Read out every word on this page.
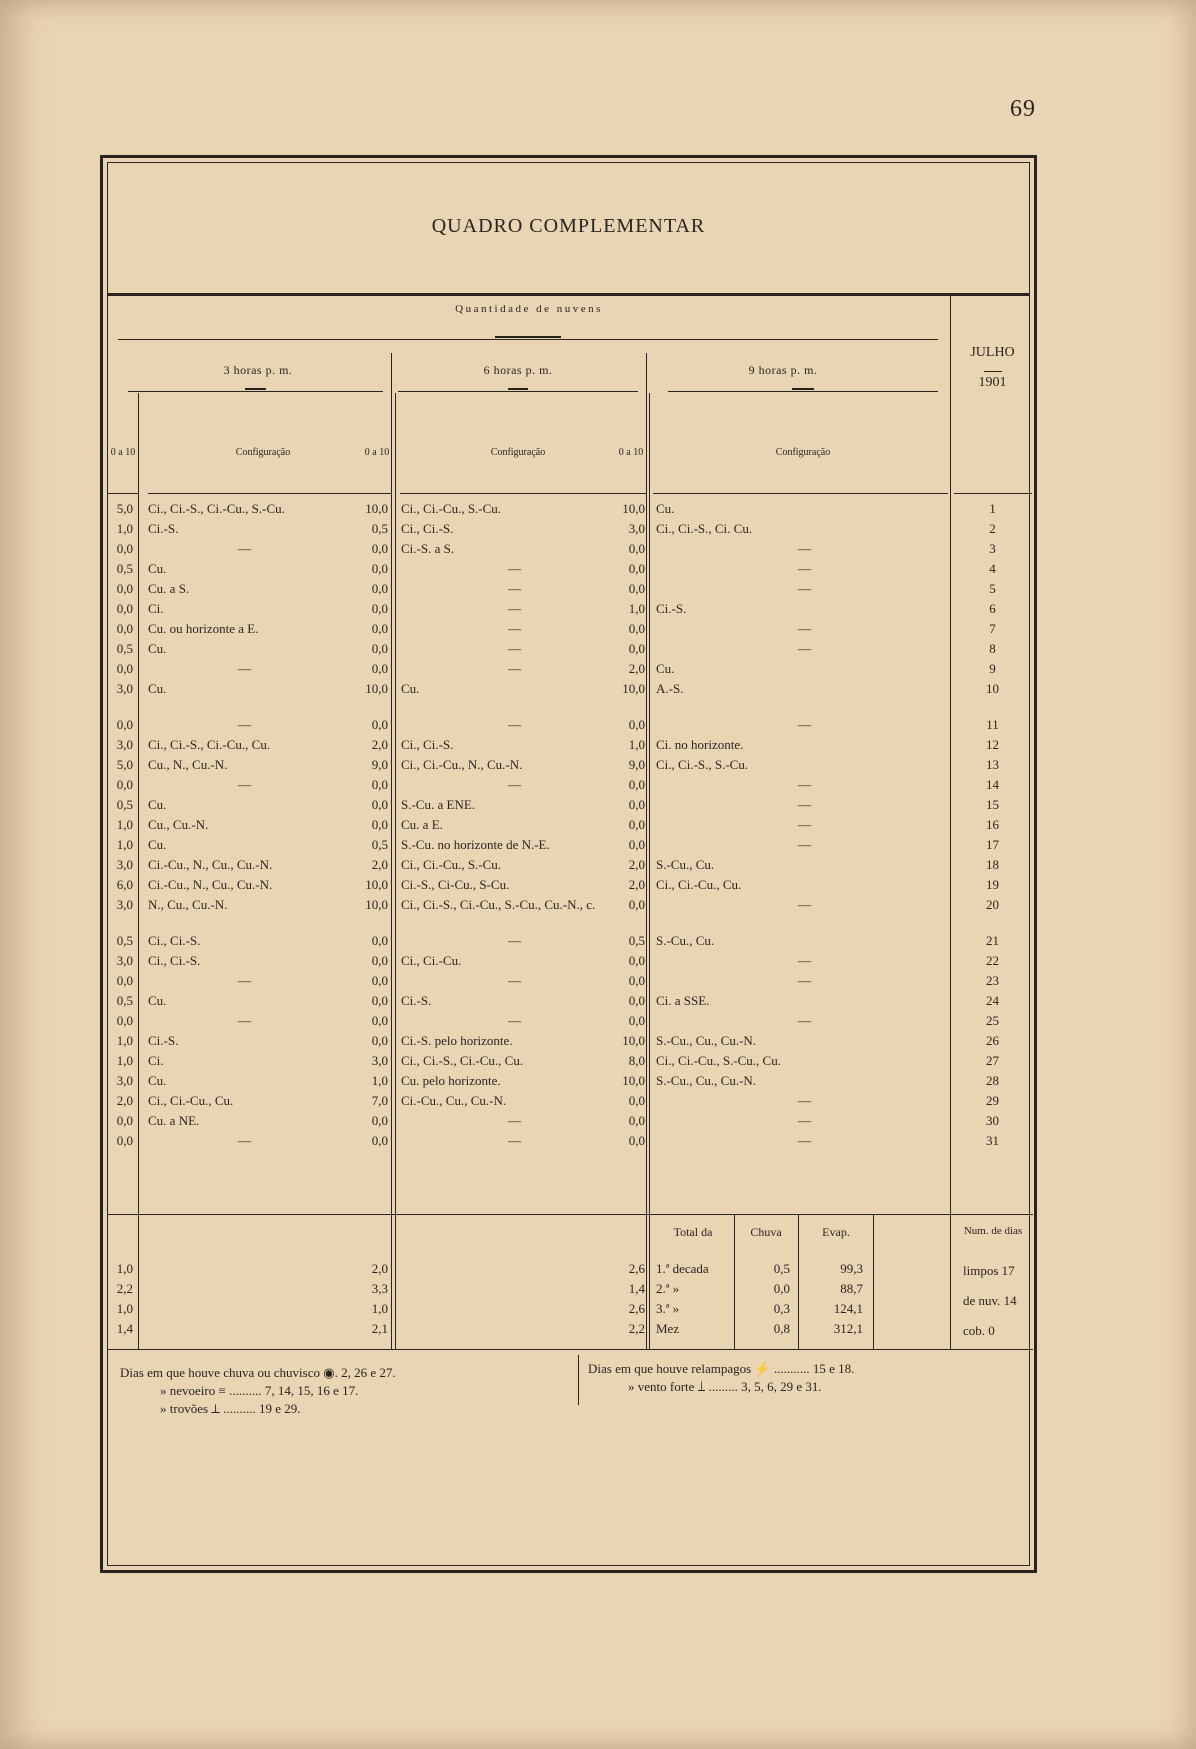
69
QUADRO COMPLEMENTAR
Quantidade de nuvens
3 horas p. m.	6 horas p. m.	9 horas p. m.
JULHO
1901
0 a 10	Configuração	0 a 10	Configuração	0 a 10	Configuração
5,0 Ci., Ci.-S., Ci.-Cu., S.-Cu.	10,0 Ci., Ci.-Cu., S.-Cu.	10,0 Cu.	1
1,0 Ci.-S.	0,5 Ci., Ci.-S.	3,0 Ci., Ci.-S., Ci. Cu.	2
0,0	—	0,0 Ci.-S. a S.	0,0	—	3
0,5 Cu.	0,0	—	0,0	—	4
0,0 Cu. a S.	0,0	—	0,0	—	5
0,0 Ci.	0,0	—	1,0 Ci.-S.	6
0,0 Cu. ou horizonte a E.	0,0	—	0,0	—	7
0,5 Cu.	0,0	—	0,0	—	8
0,0	—	0,0	—	2,0 Cu.	9
3,0 Cu.	10,0 Cu.	10,0 A.-S.	10
0,0	—	0,0	—	0,0	—	11
3,0 Ci., Ci.-S., Ci.-Cu., Cu.	2,0 Ci., Ci.-S.	1,0 Ci. no horizonte.	12
5,0 Cu., N., Cu.-N.	9,0 Ci., Ci.-Cu., N., Cu.-N.	9,0 Ci., Ci.-S., S.-Cu.	13
0,0	—	0,0	—	0,0	—	14
0,5 Cu.	0,0 S.-Cu. a ENE.	0,0	—	15
1,0 Cu., Cu.-N.	0,0 Cu. a E.	0,0	—	16
1,0 Cu.	0,5 S.-Cu. no horizonte de N.-E.	0,0	—	17
3,0 Ci.-Cu., N., Cu., Cu.-N.	2,0 Ci., Ci.-Cu., S.-Cu.	2,0 S.-Cu., Cu.	18
6,0 Ci.-Cu., N., Cu., Cu.-N.	10,0 Ci.-S., Ci-Cu., S-Cu.	2,0 Ci., Ci.-Cu., Cu.	19
3,0 N., Cu., Cu.-N.	10,0 Ci., Ci.-S., Ci.-Cu., S.-Cu., Cu.-N., c.	0,0	—	20
0,5 Ci., Ci.-S.	0,0	—	0,5 S.-Cu., Cu.	21
3,0 Ci., Ci.-S.	0,0 Ci., Ci.-Cu.	0,0	—	22
0,0	—	0,0	—	0,0	—	23
0,5 Cu.	0,0 Ci.-S.	0,0 Ci. a SSE.	24
0,0	—	0,0	—	0,0	—	25
1,0 Ci.-S.	0,0 Ci.-S. pelo horizonte.	10,0 S.-Cu., Cu., Cu.-N.	26
1,0 Ci.	3,0 Ci., Ci.-S., Ci.-Cu., Cu.	8,0 Ci., Ci.-Cu., S.-Cu., Cu.	27
3,0 Cu.	1,0 Cu. pelo horizonte.	10,0 S.-Cu., Cu., Cu.-N.	28
2,0 Ci., Ci.-Cu., Cu.	7,0 Ci.-Cu., Cu., Cu.-N.	0,0	—	29
0,0 Cu. a NE.	0,0	—	0,0	—	30
0,0	—	0,0	—	0,0	—	31
Total da	Chuva	Evap.	Num. de dias
1,0	2,0	2,6 1.ª decada	0,5	99,3
2,2	3,3	1,4 2.ª »	0,0	88,7
1,0	1,0	2,6 3.ª »	0,3	124,1
1,4	2,1	2,2 Mez	0,8	312,1
limpos 17
de nuv. 14
cob. 0
Dias em que houve chuva ou chuvisco ◉. 2, 26 e 27.
» nevoeiro ≡ .......... 7, 14, 15, 16 e 17.
» trovões ⟂ .......... 19 e 29.
Dias em que houve relampagos ⚡ ........... 15 e 18.
» vento forte ⟘ ......... 3, 5, 6, 29 e 31.
